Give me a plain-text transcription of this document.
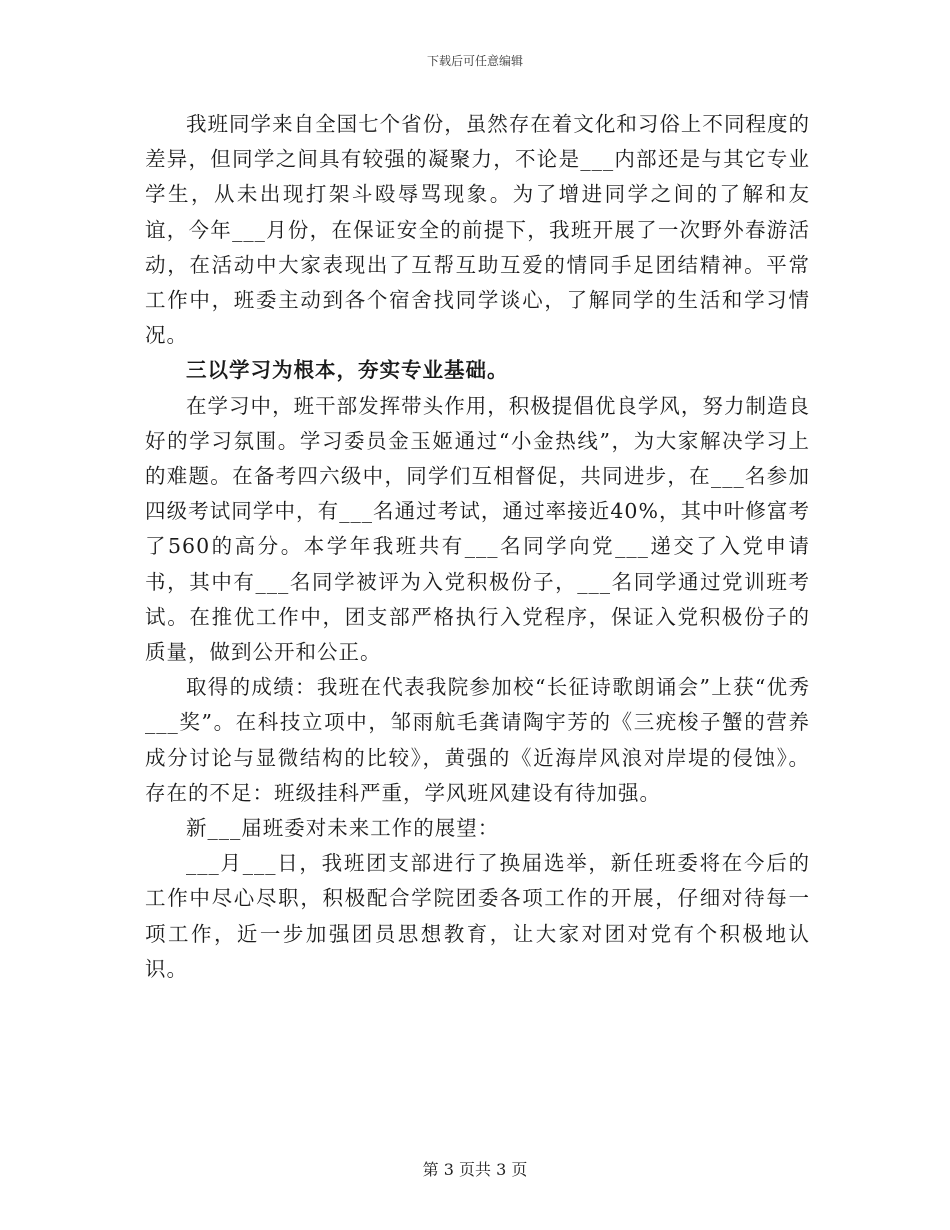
下载后可任意编辑

我班同学来自全国七个省份，虽然存在着文化和习俗上不同程度的差异，但同学之间具有较强的凝聚力，不论是___内部还是与其它专业学生，从未出现打架斗殴辱骂现象。为了增进同学之间的了解和友谊，今年___月份，在保证安全的前提下，我班开展了一次野外春游活动，在活动中大家表现出了互帮互助互爱的情同手足团结精神。平常工作中，班委主动到各个宿舍找同学谈心，了解同学的生活和学习情况。

三以学习为根本，夯实专业基础。

在学习中，班干部发挥带头作用，积极提倡优良学风，努力制造良好的学习氛围。学习委员金玉姬通过“小金热线”，为大家解决学习上的难题。在备考四六级中，同学们互相督促，共同进步，在___名参加四级考试同学中，有___名通过考试，通过率接近40%，其中叶修富考了560的高分。本学年我班共有___名同学向党___递交了入党申请书，其中有___名同学被评为入党积极份子，___名同学通过党训班考试。在推优工作中，团支部严格执行入党程序，保证入党积极份子的质量，做到公开和公正。

取得的成绩：我班在代表我院参加校“长征诗歌朗诵会”上获“优秀___奖”。在科技立项中，邹雨航毛龚请陶宇芳的《三疣梭子蟹的营养成分讨论与显微结构的比较》，黄强的《近海岸风浪对岸堤的侵蚀》。存在的不足：班级挂科严重，学风班风建设有待加强。

新___届班委对未来工作的展望：

___月___日，我班团支部进行了换届选举，新任班委将在今后的工作中尽心尽职，积极配合学院团委各项工作的开展，仔细对待每一项工作，近一步加强团员思想教育，让大家对团对党有个积极地认识。

第 3 页共 3 页
